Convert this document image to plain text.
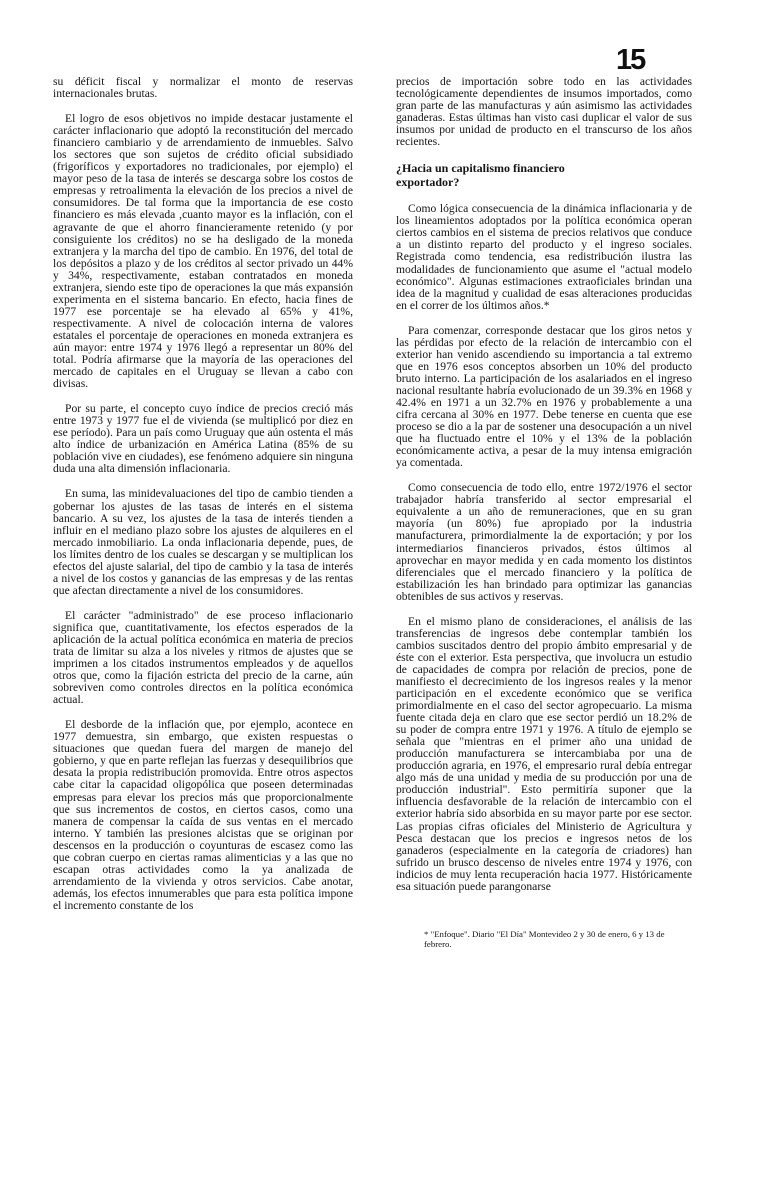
15

su déficit fiscal y normalizar el monto de reservas internacionales brutas.

El logro de esos objetivos no impide destacar justamente el carácter inflacionario que adoptó la reconstitución del mercado financiero cambiario y de arrendamiento de inmuebles. Salvo los sectores que son sujetos de crédito oficial subsidiado (frigoríficos y exportadores no tradicionales, por ejemplo) el mayor peso de la tasa de interés se descarga sobre los costos de empresas y retroalimenta la elevación de los precios a nivel de consumidores. De tal forma que la importancia de ese costo financiero es más elevada ,cuanto mayor es la inflación, con el agravante de que el ahorro financieramente retenido (y por consiguiente los créditos) no se ha desligado de la moneda extranjera y la marcha del tipo de cambio. En 1976, del total de los depósitos a plazo y de los créditos al sector privado un 44% y 34%, respectivamente, estaban contratados en moneda extranjera, siendo este tipo de operaciones la que más expansión experimenta en el sistema bancario. En efecto, hacia fines de 1977 ese porcentaje se ha elevado al 65% y 41%, respectivamente. A nivel de colocación interna de valores estatales el porcentaje de operaciones en moneda extranjera es aún mayor: entre 1974 y 1976 llegó a representar un 80% del total. Podría afirmarse que la mayoría de las operaciones del mercado de capitales en el Uruguay se llevan a cabo con divisas.

Por su parte, el concepto cuyo índice de precios creció más entre 1973 y 1977 fue el de vivienda (se multiplicó por diez en ese período). Para un país como Uruguay que aún ostenta el más alto índice de urbanización en América Latina (85% de su población vive en ciudades), ese fenómeno adquiere sin ninguna duda una alta dimensión inflacionaria.

En suma, las minidevaluaciones del tipo de cambio tienden a gobernar los ajustes de las tasas de interés en el sistema bancario. A su vez, los ajustes de la tasa de interés tienden a influir en el mediano plazo sobre los ajustes de alquileres en el mercado inmobiliario. La onda inflacionaria depende, pues, de los límites dentro de los cuales se descargan y se multiplican los efectos del ajuste salarial, del tipo de cambio y la tasa de interés a nivel de los costos y ganancias de las empresas y de las rentas que afectan directamente a nivel de los consumidores.

El carácter "administrado" de ese proceso inflacionario significa que, cuantitativamente, los efectos esperados de la aplicación de la actual política económica en materia de precios trata de limitar su alza a los niveles y ritmos de ajustes que se imprimen a los citados instrumentos empleados y de aquellos otros que, como la fijación estricta del precio de la carne, aún sobreviven como controles directos en la política económica actual.

El desborde de la inflación que, por ejemplo, acontece en 1977 demuestra, sin embargo, que existen respuestas o situaciones que quedan fuera del margen de manejo del gobierno, y que en parte reflejan las fuerzas y desequilibrios que desata la propia redistribución promovida. Entre otros aspectos cabe citar la capacidad oligopólica que poseen determinadas empresas para elevar los precios más que proporcionalmente que sus incrementos de costos, en ciertos casos, como una manera de compensar la caída de sus ventas en el mercado interno. Y también las presiones alcistas que se originan por descensos en la producción o coyunturas de escasez como las que cobran cuerpo en ciertas ramas alimenticias y a las que no escapan otras actividades como la ya analizada de arrendamiento de la vivienda y otros servicios. Cabe anotar, además, los efectos innumerables que para esta política impone el incremento constante de los

precios de importación sobre todo en las actividades tecnológicamente dependientes de insumos importados, como gran parte de las manufacturas y aún asimismo las actividades ganaderas. Estas últimas han visto casi duplicar el valor de sus insumos por unidad de producto en el transcurso de los años recientes.

¿Hacia un capitalismo financiero
exportador?

Como lógica consecuencia de la dinámica inflacionaria y de los lineamientos adoptados por la política económica operan ciertos cambios en el sistema de precios relativos que conduce a un distinto reparto del producto y el ingreso sociales. Registrada como tendencia, esa redistribución ilustra las modalidades de funcionamiento que asume el "actual modelo económico". Algunas estimaciones extraoficiales brindan una idea de la magnitud y cualidad de esas alteraciones producidas en el correr de los últimos años.*

Para comenzar, corresponde destacar que los giros netos y las pérdidas por efecto de la relación de intercambio con el exterior han venido ascendiendo su importancia a tal extremo que en 1976 esos conceptos absorben un 10% del producto bruto interno. La participación de los asalariados en el ingreso nacional resultante habría evolucionado de un 39.3% en 1968 y 42.4% en 1971 a un 32.7% en 1976 y probablemente a una cifra cercana al 30% en 1977. Debe tenerse en cuenta que ese proceso se dio a la par de sostener una desocupación a un nivel que ha fluctuado entre el 10% y el 13% de la población económicamente activa, a pesar de la muy intensa emigración ya comentada.

Como consecuencia de todo ello, entre 1972/1976 el sector trabajador habría transferido al sector empresarial el equivalente a un año de remuneraciones, que en su gran mayoría (un 80%) fue apropiado por la industria manufacturera, primordialmente la de exportación; y por los intermediarios financieros privados, éstos últimos al aprovechar en mayor medida y en cada momento los distintos diferenciales que el mercado financiero y la política de estabilización les han brindado para optimizar las ganancias obtenibles de sus activos y reservas.

En el mismo plano de consideraciones, el análisis de las transferencias de ingresos debe contemplar también los cambios suscitados dentro del propio ámbito empresarial y de éste con el exterior. Esta perspectiva, que involucra un estudio de capacidades de compra por relación de precios, pone de manifiesto el decrecimiento de los ingresos reales y la menor participación en el excedente económico que se verifica primordialmente en el caso del sector agropecuario. La misma fuente citada deja en claro que ese sector perdió un 18.2% de su poder de compra entre 1971 y 1976. A título de ejemplo se señala que "mientras en el primer año una unidad de producción manufacturera se intercambiaba por una de producción agraria, en 1976, el empresario rural debía entregar algo más de una unidad y media de su producción por una de producción industrial". Esto permitiría suponer que la influencia desfavorable de la relación de intercambio con el exterior habría sido absorbida en su mayor parte por ese sector. Las propias cifras oficiales del Ministerio de Agricultura y Pesca destacan que los precios e ingresos netos de los ganaderos (especialmente en la categoría de criadores) han sufrido un brusco descenso de niveles entre 1974 y 1976, con indicios de muy lenta recuperación hacia 1977. Históricamente esa situación puede parangonarse

* "Enfoque". Diario "El Día" Montevideo 2 y 30 de enero, 6 y 13 de febrero.
